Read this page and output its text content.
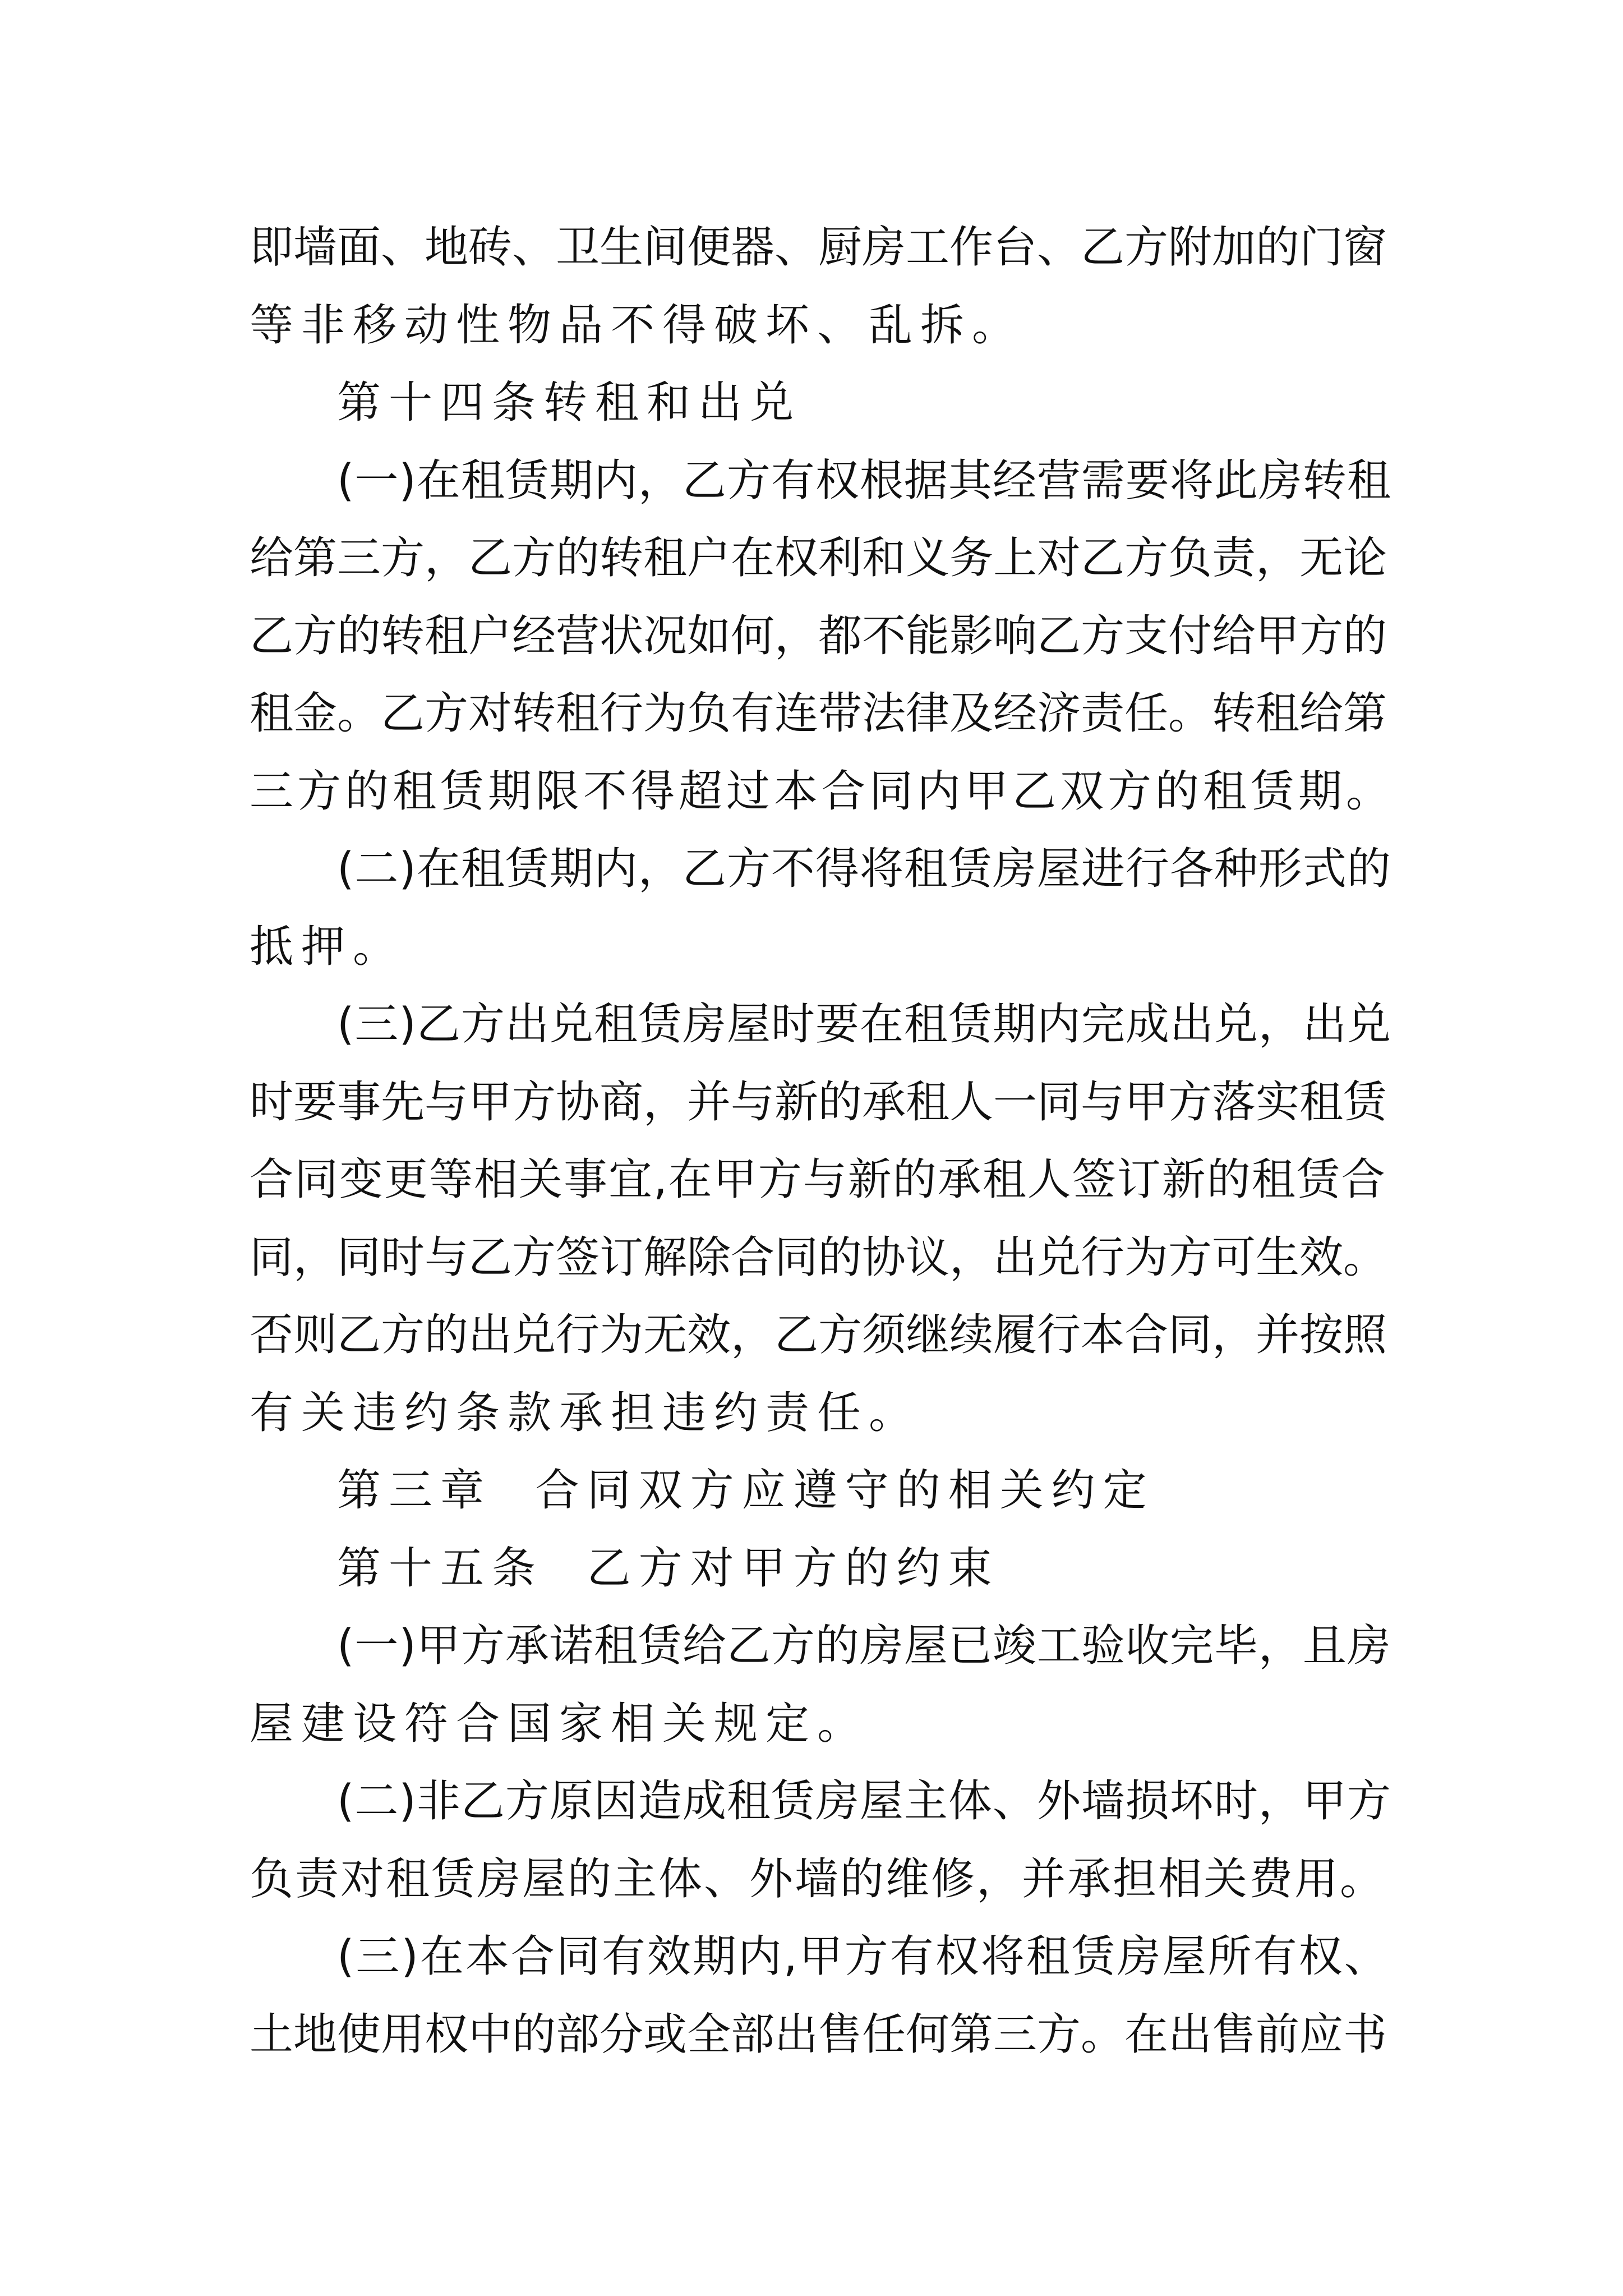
即墙面、地砖、卫生间便器、厨房工作台、乙方附加的门窗
等非移动性物品不得破坏、乱拆。
第十四条转租和出兑
(一)在租赁期内，乙方有权根据其经营需要将此房转租
给第三方，乙方的转租户在权利和义务上对乙方负责，无论
乙方的转租户经营状况如何，都不能影响乙方支付给甲方的
租金。乙方对转租行为负有连带法律及经济责任。转租给第
三方的租赁期限不得超过本合同内甲乙双方的租赁期。
(二)在租赁期内，乙方不得将租赁房屋进行各种形式的
抵押。
(三)乙方出兑租赁房屋时要在租赁期内完成出兑，出兑
时要事先与甲方协商，并与新的承租人一同与甲方落实租赁
合同变更等相关事宜,在甲方与新的承租人签订新的租赁合
同，同时与乙方签订解除合同的协议，出兑行为方可生效。
否则乙方的出兑行为无效，乙方须继续履行本合同，并按照
有关违约条款承担违约责任。
第三章  合同双方应遵守的相关约定
第十五条  乙方对甲方的约束
(一)甲方承诺租赁给乙方的房屋已竣工验收完毕，且房
屋建设符合国家相关规定。
(二)非乙方原因造成租赁房屋主体、外墙损坏时，甲方
负责对租赁房屋的主体、外墙的维修，并承担相关费用。
(三)在本合同有效期内,甲方有权将租赁房屋所有权、
土地使用权中的部分或全部出售任何第三方。在出售前应书
